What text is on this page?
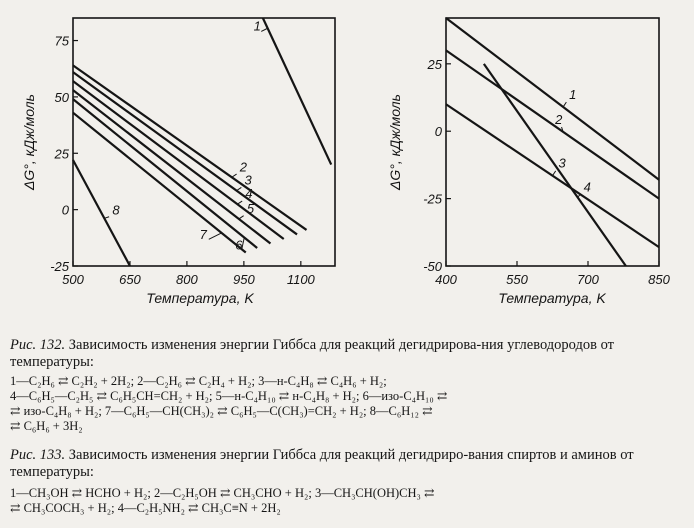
500	650	800	950 1100
-25
0
25
50
75
1
2
3
4
5
6
7
8
Температура, K
ΔG°, кДж/моль
400	550	700	850
-50
-25
0
25
1
2
3
4
Температура, K
ΔG°, кДж/моль

Рис. 132. Зависимость изменения энергии Гиббса для реакций дегидрирова-ния углеводородов от температуры:

1—C₂H₆ ⇄ C₂H₂ + 2H₂; 2—C₂H₆ ⇄ C₂H₄ + H₂; 3—н-C₄H₈ ⇄ C₄H₆ + H₂;
4—C₆H₅—C₂H₅ ⇄ C₆H₅CH=CH₂ + H₂; 5—н-C₄H₁₀ ⇄ н-C₄H₈ + H₂; 6—изо-C₄H₁₀ ⇄
⇄ изо-C₄H₈ + H₂; 7—C₆H₅—CH(CH₃)₂ ⇄ C₆H₅—C(CH₃)=CH₂ + H₂; 8—C₆H₁₂ ⇄
⇄ C₆H₆ + 3H₂

Рис. 133. Зависимость изменения энергии Гиббса для реакций дегидриро-вания спиртов и аминов от температуры:

1—CH₃OH ⇄ HCHO + H₂; 2—C₂H₅OH ⇄ CH₃CHO + H₂; 3—CH₃CH(OH)CH₃ ⇄
⇄ CH₃COCH₃ + H₂; 4—C₂H₅NH₂ ⇄ CH₃C≡N + 2H₂
